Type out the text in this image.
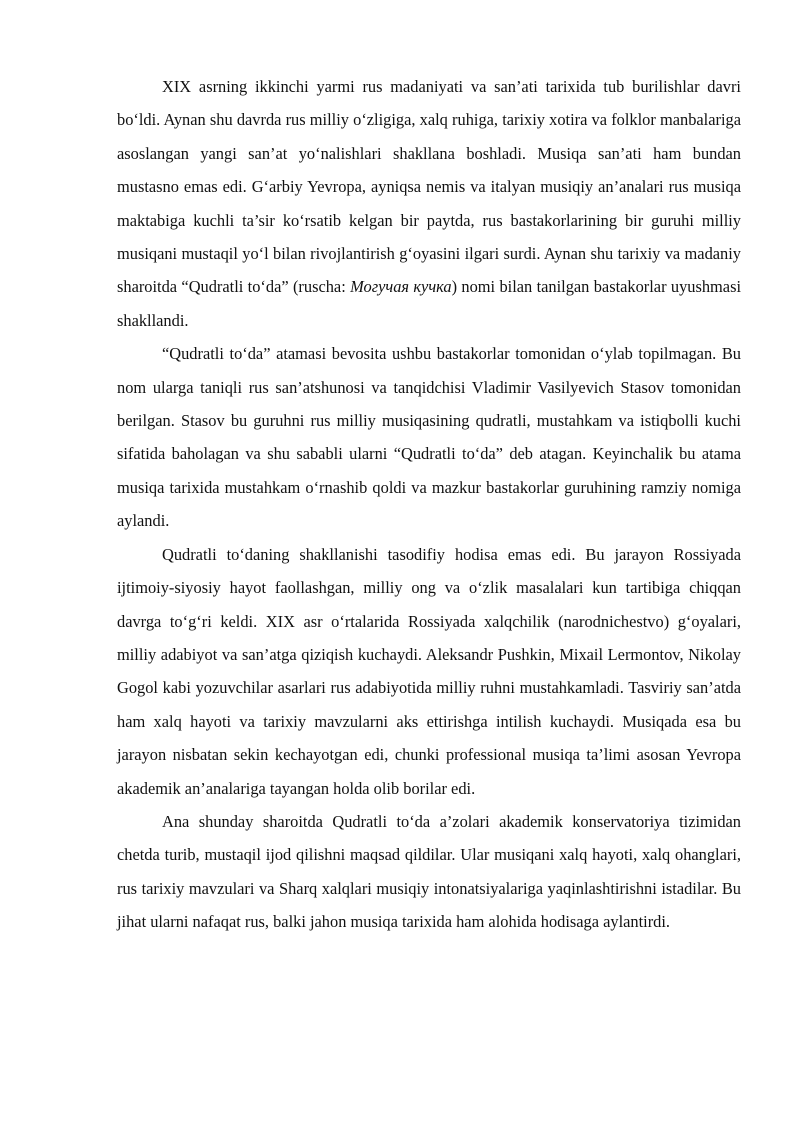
XIX asrning ikkinchi yarmi rus madaniyati va san’ati tarixida tub burilishlar davri bo‘ldi. Aynan shu davrda rus milliy o‘zligiga, xalq ruhiga, tarixiy xotira va folklor manbalariga asoslangan yangi san’at yo‘nalishlari shakllana boshladi. Musiqa san’ati ham bundan mustasno emas edi. G‘arbiy Yevropa, ayniqsa nemis va italyan musiqiy an’analari rus musiqa maktabiga kuchli ta’sir ko‘rsatib kelgan bir paytda, rus bastakorlarining bir guruhi milliy musiqani mustaqil yo‘l bilan rivojlantirish g‘oyasini ilgari surdi. Aynan shu tarixiy va madaniy sharoitda “Qudratli to‘da” (ruscha: Могучая кучка) nomi bilan tanilgan bastakorlar uyushmasi shakllandi.

“Qudratli to‘da” atamasi bevosita ushbu bastakorlar tomonidan o‘ylab topilmagan. Bu nom ularga taniqli rus san’atshunosi va tanqidchisi Vladimir Vasilyevich Stasov tomonidan berilgan. Stasov bu guruhni rus milliy musiqasining qudratli, mustahkam va istiqbolli kuchi sifatida baholagan va shu sababli ularni “Qudratli to‘da” deb atagan. Keyinchalik bu atama musiqa tarixida mustahkam o‘rnashib qoldi va mazkur bastakorlar guruhining ramziy nomiga aylandi.

Qudratli to‘daning shakllanishi tasodifiy hodisa emas edi. Bu jarayon Rossiyada ijtimoiy-siyosiy hayot faollashgan, milliy ong va o‘zlik masalalari kun tartibiga chiqqan davrga to‘g‘ri keldi. XIX asr o‘rtalarida Rossiyada xalqchilik (narodnichestvo) g‘oyalari, milliy adabiyot va san’atga qiziqish kuchaydi. Aleksandr Pushkin, Mixail Lermontov, Nikolay Gogol kabi yozuvchilar asarlari rus adabiyotida milliy ruhni mustahkamladi. Tasviriy san’atda ham xalq hayoti va tarixiy mavzularni aks ettirishga intilish kuchaydi. Musiqada esa bu jarayon nisbatan sekin kechayotgan edi, chunki professional musiqa ta’limi asosan Yevropa akademik an’analariga tayangan holda olib borilar edi.

Ana shunday sharoitda Qudratli to‘da a’zolari akademik konservatoriya tizimidan chetda turib, mustaqil ijod qilishni maqsad qildilar. Ular musiqani xalq hayoti, xalq ohanglari, rus tarixiy mavzulari va Sharq xalqlari musiqiy intonatsiyalariga yaqinlashtirishni istadilar. Bu jihat ularni nafaqat rus, balki jahon musiqa tarixida ham alohida hodisaga aylantirdi.
